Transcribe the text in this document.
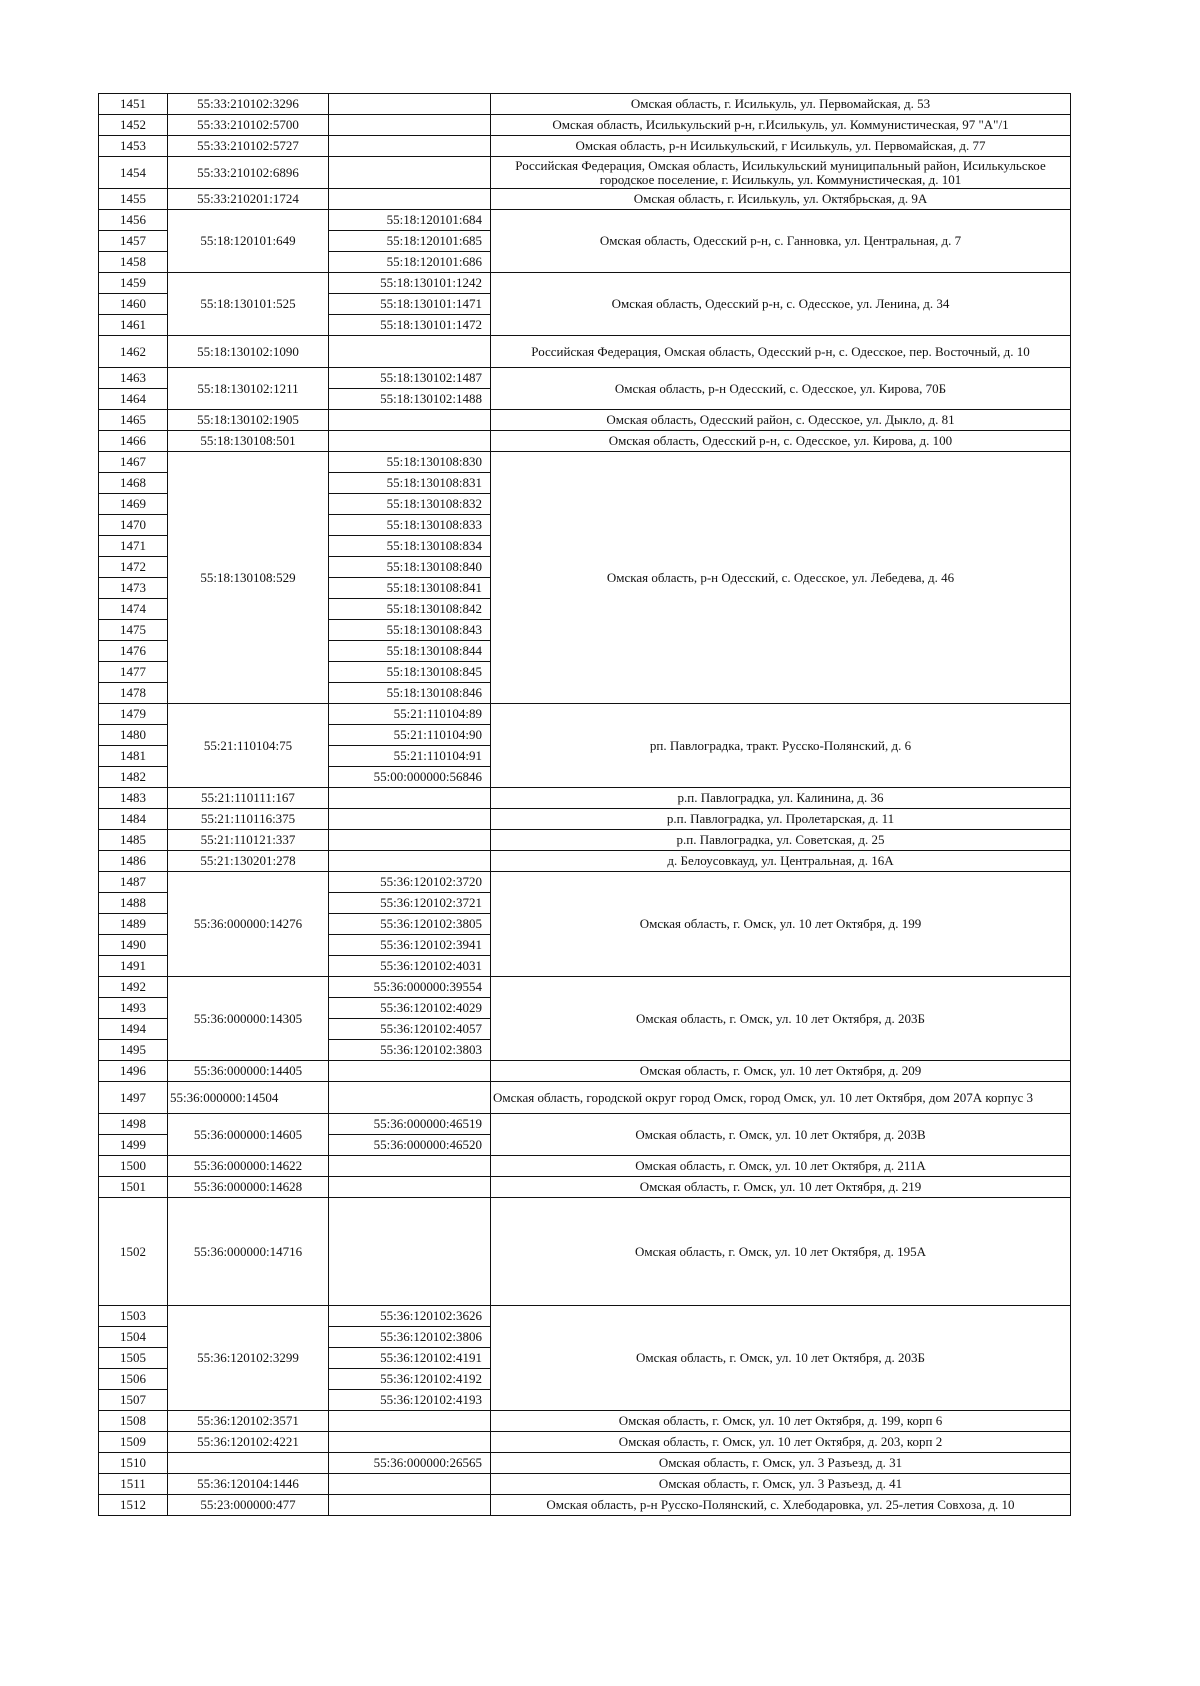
1451	55:33:210102:3296		Омская область, г. Исилькуль, ул. Первомайская, д. 53
1452	55:33:210102:5700		Омская область, Исилькульский р-н, г.Исилькуль, ул. Коммунистическая, 97 "А"/1
1453	55:33:210102:5727		Омская область, р-н Исилькульский, г Исилькуль, ул. Первомайская, д. 77
1454	55:33:210102:6896		Российская Федерация, Омская область, Исилькульский муниципальный район, Исилькульское городское поселение, г. Исилькуль, ул. Коммунистическая, д. 101
1455	55:33:210201:1724		Омская область, г. Исилькуль, ул. Октябрьская, д. 9А
1456	55:18:120101:649	55:18:120101:684	Омская область, Одесский р-н, с. Ганновка, ул. Центральная, д. 7
1457		55:18:120101:685	
1458		55:18:120101:686	
1459	55:18:130101:525	55:18:130101:1242	Омская область, Одесский р-н, с. Одесское, ул. Ленина, д. 34
1460		55:18:130101:1471	
1461		55:18:130101:1472	
1462	55:18:130102:1090		Российская Федерация, Омская область, Одесский р-н, с. Одесское, пер. Восточный, д. 10
1463	55:18:130102:1211	55:18:130102:1487	Омская область, р-н Одесский, с. Одесское, ул. Кирова, 70Б
1464		55:18:130102:1488	
1465	55:18:130102:1905		Омская область, Одесский район, с. Одесское, ул. Дыкло, д. 81
1466	55:18:130108:501		Омская область, Одесский р-н, с. Одесское, ул. Кирова, д. 100
1467	55:18:130108:529	55:18:130108:830	Омская область, р-н Одесский, с. Одесское, ул. Лебедева, д. 46
1468		55:18:130108:831	
1469		55:18:130108:832	
1470		55:18:130108:833	
1471		55:18:130108:834	
1472		55:18:130108:840	
1473		55:18:130108:841	
1474		55:18:130108:842	
1475		55:18:130108:843	
1476		55:18:130108:844	
1477		55:18:130108:845	
1478		55:18:130108:846	
1479	55:21:110104:75	55:21:110104:89	рп. Павлоградка, тракт. Русско-Полянский, д. 6
1480		55:21:110104:90	
1481		55:21:110104:91	
1482		55:00:000000:56846	
1483	55:21:110111:167		р.п. Павлоградка, ул. Калинина, д. 36
1484	55:21:110116:375		р.п. Павлоградка, ул. Пролетарская, д. 11
1485	55:21:110121:337		р.п. Павлоградка, ул. Советская, д. 25
1486	55:21:130201:278		д. Белоусовкауд, ул. Центральная, д. 16А
1487	55:36:000000:14276	55:36:120102:3720	Омская область, г. Омск, ул. 10 лет Октября, д. 199
1488		55:36:120102:3721	
1489		55:36:120102:3805	
1490		55:36:120102:3941	
1491		55:36:120102:4031	
1492	55:36:000000:14305	55:36:000000:39554	Омская область, г. Омск, ул. 10 лет Октября, д. 203Б
1493		55:36:120102:4029	
1494		55:36:120102:4057	
1495		55:36:120102:3803	
1496	55:36:000000:14405		Омская область, г. Омск, ул. 10 лет Октября, д. 209
1497	55:36:000000:14504		Омская область, городской округ город Омск, город Омск, ул. 10 лет Октября, дом 207А корпус 3
1498	55:36:000000:14605	55:36:000000:46519	Омская область, г. Омск, ул. 10 лет Октября, д. 203В
1499		55:36:000000:46520	
1500	55:36:000000:14622		Омская область, г. Омск, ул. 10 лет Октября, д. 211А
1501	55:36:000000:14628		Омская область, г. Омск, ул. 10 лет Октября, д. 219
1502	55:36:000000:14716		Омская область, г. Омск, ул. 10 лет Октября, д. 195А
1503	55:36:120102:3299	55:36:120102:3626	Омская область, г. Омск, ул. 10 лет Октября, д. 203Б
1504		55:36:120102:3806	
1505		55:36:120102:4191	
1506		55:36:120102:4192	
1507		55:36:120102:4193	
1508	55:36:120102:3571		Омская область, г. Омск, ул. 10 лет Октября, д. 199, корп 6
1509	55:36:120102:4221		Омская область, г. Омск, ул. 10 лет Октября, д. 203, корп 2
1510		55:36:000000:26565	Омская область, г. Омск, ул. 3 Разъезд, д. 31
1511	55:36:120104:1446		Омская область, г. Омск, ул. 3 Разъезд, д. 41
1512	55:23:000000:477		Омская область, р-н Русско-Полянский, с. Хлебодаровка, ул. 25-летия Совхоза, д. 10
